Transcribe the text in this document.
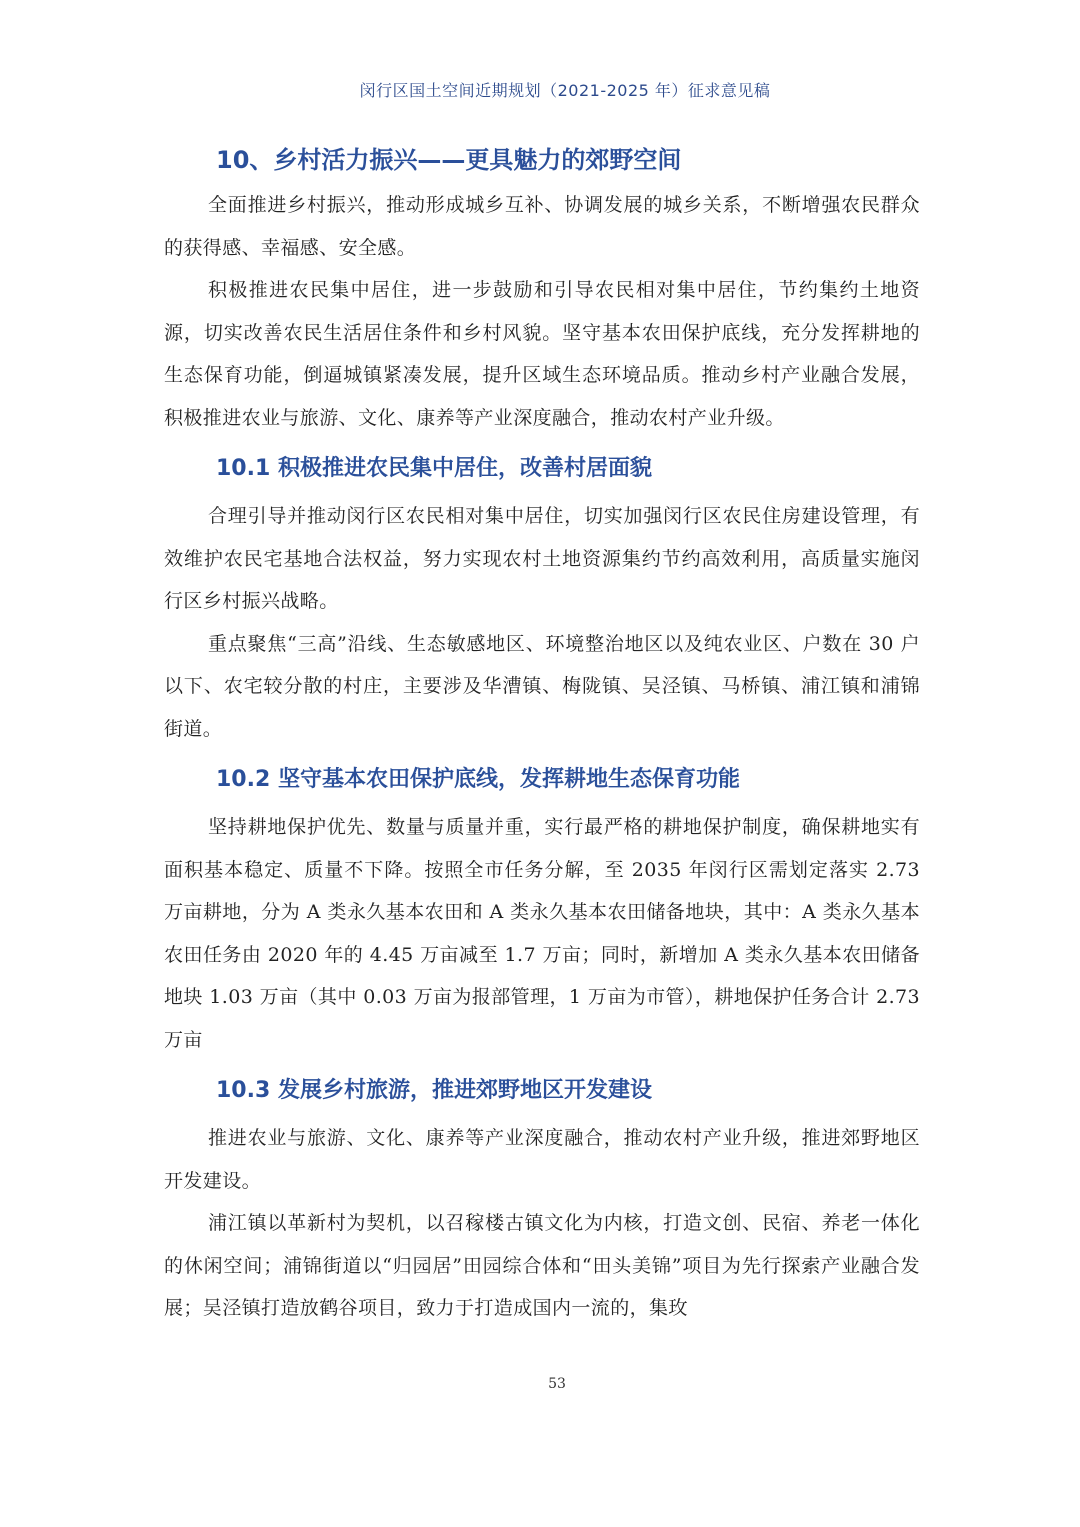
闵行区国土空间近期规划（2021-2025 年）征求意见稿
10、乡村活力振兴——更具魅力的郊野空间

全面推进乡村振兴，推动形成城乡互补、协调发展的城乡关系，不断增强农民群众的获得感、幸福感、安全感。

积极推进农民集中居住，进一步鼓励和引导农民相对集中居住，节约集约土地资源，切实改善农民生活居住条件和乡村风貌。坚守基本农田保护底线，充分发挥耕地的生态保育功能，倒逼城镇紧凑发展，提升区域生态环境品质。推动乡村产业融合发展，积极推进农业与旅游、文化、康养等产业深度融合，推动农村产业升级。

10.1 积极推进农民集中居住，改善村居面貌

合理引导并推动闵行区农民相对集中居住，切实加强闵行区农民住房建设管理，有效维护农民宅基地合法权益，努力实现农村土地资源集约节约高效利用，高质量实施闵行区乡村振兴战略。

重点聚焦“三高”沿线、生态敏感地区、环境整治地区以及纯农业区、户数在 30 户以下、农宅较分散的村庄，主要涉及华漕镇、梅陇镇、吴泾镇、马桥镇、浦江镇和浦锦街道。

10.2 坚守基本农田保护底线，发挥耕地生态保育功能

坚持耕地保护优先、数量与质量并重，实行最严格的耕地保护制度，确保耕地实有面积基本稳定、质量不下降。按照全市任务分解，至 2035 年闵行区需划定落实 2.73 万亩耕地，分为 A 类永久基本农田和 A 类永久基本农田储备地块，其中：A 类永久基本农田任务由 2020 年的 4.45 万亩减至 1.7 万亩；同时，新增加 A 类永久基本农田储备地块 1.03 万亩（其中 0.03 万亩为报部管理，1 万亩为市管），耕地保护任务合计 2.73 万亩

10.3 发展乡村旅游，推进郊野地区开发建设

推进农业与旅游、文化、康养等产业深度融合，推动农村产业升级，推进郊野地区开发建设。

浦江镇以革新村为契机，以召稼楼古镇文化为内核，打造文创、民宿、养老一体化的休闲空间；浦锦街道以“归园居”田园综合体和“田头美锦”项目为先行探索产业融合发展；吴泾镇打造放鹤谷项目，致力于打造成国内一流的，集玫

53
